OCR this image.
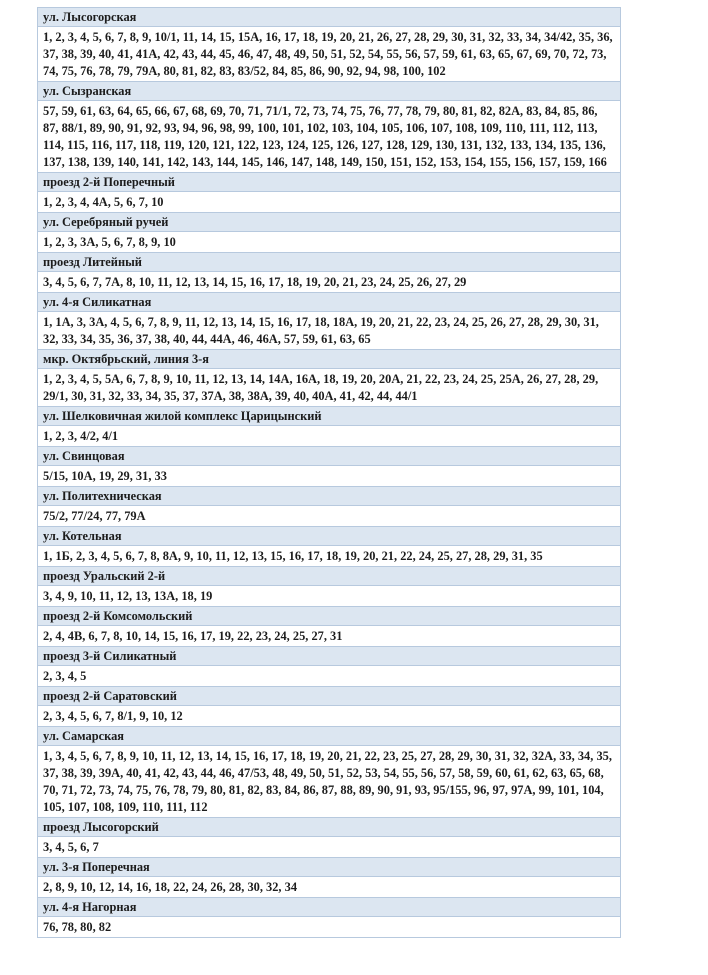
ул. Лысогорская
1, 2, 3, 4, 5, 6, 7, 8, 9, 10/1, 11, 14, 15, 15А, 16, 17, 18, 19, 20, 21, 26, 27, 28, 29, 30, 31, 32, 33, 34, 34/42, 35, 36, 37, 38, 39, 40, 41, 41А, 42, 43, 44, 45, 46, 47, 48, 49, 50, 51, 52, 54, 55, 56, 57, 59, 61, 63, 65, 67, 69, 70, 72, 73, 74, 75, 76, 78, 79, 79А, 80, 81, 82, 83, 83/52, 84, 85, 86, 90, 92, 94, 98, 100, 102
ул. Сызранская
57, 59, 61, 63, 64, 65, 66, 67, 68, 69, 70, 71, 71/1, 72, 73, 74, 75, 76, 77, 78, 79, 80, 81, 82, 82А, 83, 84, 85, 86, 87, 88/1, 89, 90, 91, 92, 93, 94, 96, 98, 99, 100, 101, 102, 103, 104, 105, 106, 107, 108, 109, 110, 111, 112, 113, 114, 115, 116, 117, 118, 119, 120, 121, 122, 123, 124, 125, 126, 127, 128, 129, 130, 131, 132, 133, 134, 135, 136, 137, 138, 139, 140, 141, 142, 143, 144, 145, 146, 147, 148, 149, 150, 151, 152, 153, 154, 155, 156, 157, 159, 166
проезд 2-й Поперечный
1, 2, 3, 4, 4А, 5, 6, 7, 10
ул. Серебряный ручей
1, 2, 3, 3А, 5, 6, 7, 8, 9, 10
проезд Литейный
3, 4, 5, 6, 7, 7А, 8, 10, 11, 12, 13, 14, 15, 16, 17, 18, 19, 20, 21, 23, 24, 25, 26, 27, 29
ул. 4-я Силикатная
1, 1А, 3, 3А, 4, 5, 6, 7, 8, 9, 11, 12, 13, 14, 15, 16, 17, 18, 18А, 19, 20, 21, 22, 23, 24, 25, 26, 27, 28, 29, 30, 31, 32, 33, 34, 35, 36, 37, 38, 40, 44, 44А, 46, 46А, 57, 59, 61, 63, 65
мкр. Октябрьский, линия 3-я
1, 2, 3, 4, 5, 5А, 6, 7, 8, 9, 10, 11, 12, 13, 14, 14А, 16А, 18, 19, 20, 20А, 21, 22, 23, 24, 25, 25А, 26, 27, 28, 29, 29/1, 30, 31, 32, 33, 34, 35, 37, 37А, 38, 38А, 39, 40, 40А, 41, 42, 44, 44/1
ул. Шелковичная жилой комплекс Царицынский
1, 2, 3, 4/2, 4/1
ул. Свинцовая
5/15, 10А, 19, 29, 31, 33
ул. Политехническая
75/2, 77/24, 77, 79А
ул. Котельная
1, 1Б, 2, 3, 4, 5, 6, 7, 8, 8А, 9, 10, 11, 12, 13, 15, 16, 17, 18, 19, 20, 21, 22, 24, 25, 27, 28, 29, 31, 35
проезд Уральский 2-й
3, 4, 9, 10, 11, 12, 13, 13А, 18, 19
проезд 2-й Комсомольский
2, 4, 4В, 6, 7, 8, 10, 14, 15, 16, 17, 19, 22, 23, 24, 25, 27, 31
проезд 3-й Силикатный
2, 3, 4, 5
проезд 2-й Саратовский
2, 3, 4, 5, 6, 7, 8/1, 9, 10, 12
ул. Самарская
1, 3, 4, 5, 6, 7, 8, 9, 10, 11, 12, 13, 14, 15, 16, 17, 18, 19, 20, 21, 22, 23, 25, 27, 28, 29, 30, 31, 32, 32А, 33, 34, 35, 37, 38, 39, 39А, 40, 41, 42, 43, 44, 46, 47/53, 48, 49, 50, 51, 52, 53, 54, 55, 56, 57, 58, 59, 60, 61, 62, 63, 65, 68, 70, 71, 72, 73, 74, 75, 76, 78, 79, 80, 81, 82, 83, 84, 86, 87, 88, 89, 90, 91, 93, 95/155, 96, 97, 97А, 99, 101, 104, 105, 107, 108, 109, 110, 111, 112
проезд Лысогорский
3, 4, 5, 6, 7
ул. 3-я Поперечная
2, 8, 9, 10, 12, 14, 16, 18, 22, 24, 26, 28, 30, 32, 34
ул. 4-я Нагорная
76, 78, 80, 82
